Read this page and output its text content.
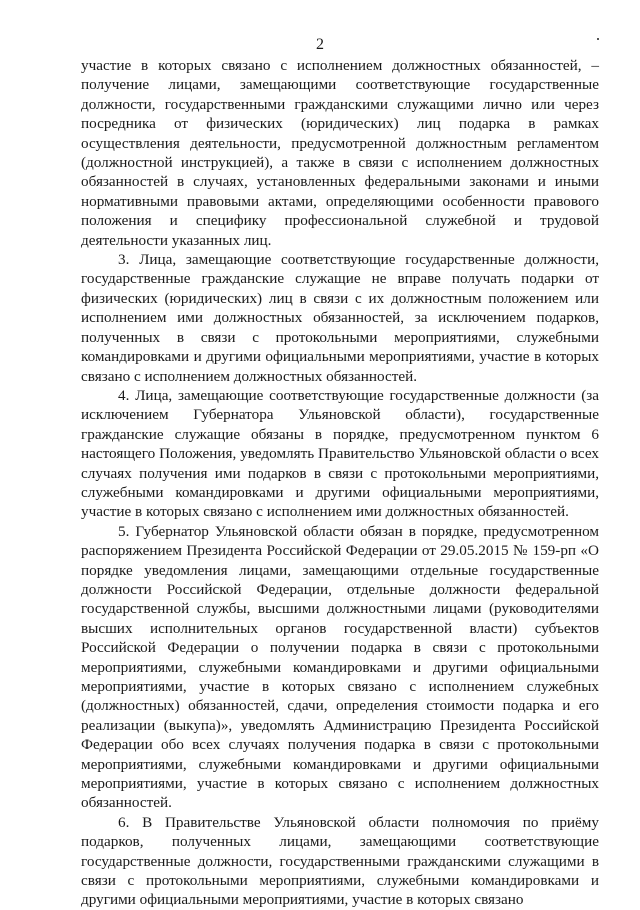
2

участие в которых связано с исполнением должностных обязанностей, – получение лицами, замещающими соответствующие государственные должности, государственными гражданскими служащими лично или через посредника от физических (юридических) лиц подарка в рамках осуществления деятельности, предусмотренной должностным регламентом (должностной инструкцией), а также в связи с исполнением должностных обязанностей в случаях, установленных федеральными законами и иными нормативными правовыми актами, определяющими особенности правового положения и специфику профессиональной служебной и трудовой деятельности указанных лиц.

3. Лица, замещающие соответствующие государственные должности, государственные гражданские служащие не вправе получать подарки от физических (юридических) лиц в связи с их должностным положением или исполнением ими должностных обязанностей, за исключением подарков, полученных в связи с протокольными мероприятиями, служебными командировками и другими официальными мероприятиями, участие в которых связано с исполнением должностных обязанностей.

4. Лица, замещающие соответствующие государственные должности (за исключением Губернатора Ульяновской области), государственные гражданские служащие обязаны в порядке, предусмотренном пунктом 6 настоящего Положения, уведомлять Правительство Ульяновской области о всех случаях получения ими подарков в связи с протокольными мероприятиями, служебными командировками и другими официальными мероприятиями, участие в которых связано с исполнением ими должностных обязанностей.

5. Губернатор Ульяновской области обязан в порядке, предусмотренном распоряжением Президента Российской Федерации от 29.05.2015 № 159-рп «О порядке уведомления лицами, замещающими отдельные государственные должности Российской Федерации, отдельные должности федеральной государственной службы, высшими должностными лицами (руководителями высших исполнительных органов государственной власти) субъектов Российской Федерации о получении подарка в связи с протокольными мероприятиями, служебными командировками и другими официальными мероприятиями, участие в которых связано с исполнением служебных (должностных) обязанностей, сдачи, определения стоимости подарка и его реализации (выкупа)», уведомлять Администрацию Президента Российской Федерации обо всех случаях получения подарка в связи с протокольными мероприятиями, служебными командировками и другими официальными мероприятиями, участие в которых связано с исполнением должностных обязанностей.

6. В Правительстве Ульяновской области полномочия по приёму подарков, полученных лицами, замещающими соответствующие государственные должности, государственными гражданскими служащими в связи с протокольными мероприятиями, служебными командировками и другими официальными мероприятиями, участие в которых связано
